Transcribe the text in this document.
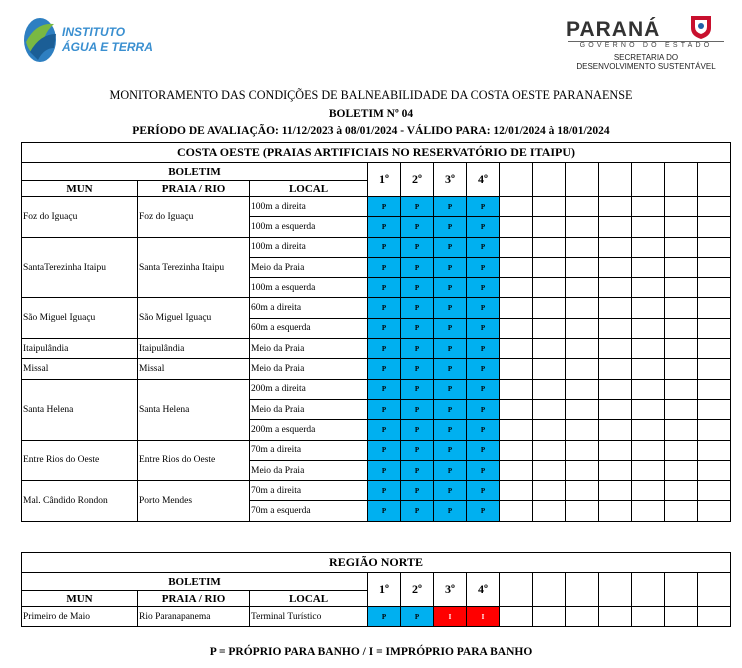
INSTITUTO
ÁGUA E TERRA
PARANÁ
GOVERNO DO ESTADO
SECRETARIA DO
DESENVOLVIMENTO SUSTENTÁVEL
MONITORAMENTO DAS CONDIÇÕES DE BALNEABILIDADE DA COSTA OESTE PARANAENSE
BOLETIM Nº 04
PERÍODO DE AVALIAÇÃO: 11/12/2023 à 08/01/2024 - VÁLIDO PARA: 12/01/2024 à 18/01/2024
COSTA OESTE (PRAIAS ARTIFICIAIS NO RESERVATÓRIO DE ITAIPU)													
BOLETIM			1º	2º	3º	4º							
MUN	PRAIA / RIO	LOCAL											
Foz do Iguaçu	Foz do Iguaçu	100m a direita	P	P	P	P							
		100m a esquerda	P	P	P	P							
SantaTerezinha Itaipu	Santa Terezinha Itaipu	100m a direita	P	P	P	P							
		Meio da Praia	P	P	P	P							
		100m a esquerda	P	P	P	P							
São Miguel Iguaçu	São Miguel Iguaçu	60m a direita	P	P	P	P							
		60m a esquerda	P	P	P	P							
Itaipulândia	Itaipulândia	Meio da Praia	P	P	P	P							
Missal	Missal	Meio da Praia	P	P	P	P							
Santa Helena	Santa Helena	200m a direita	P	P	P	P							
		Meio da Praia	P	P	P	P							
		200m a esquerda	P	P	P	P							
Entre Rios do Oeste	Entre Rios do Oeste	70m a direita	P	P	P	P							
		Meio da Praia	P	P	P	P							
Mal. Cândido Rondon	Porto Mendes	70m a direita	P	P	P	P							
		70m a esquerda	P	P	P	P							
REGIÃO NORTE													
BOLETIM			1º	2º	3º	4º							
MUN	PRAIA / RIO	LOCAL											
Primeiro de Maio	Rio Paranapanema	Terminal Turístico	P	P	I	I							
P = PRÓPRIO PARA BANHO / I = IMPRÓPRIO PARA BANHO
